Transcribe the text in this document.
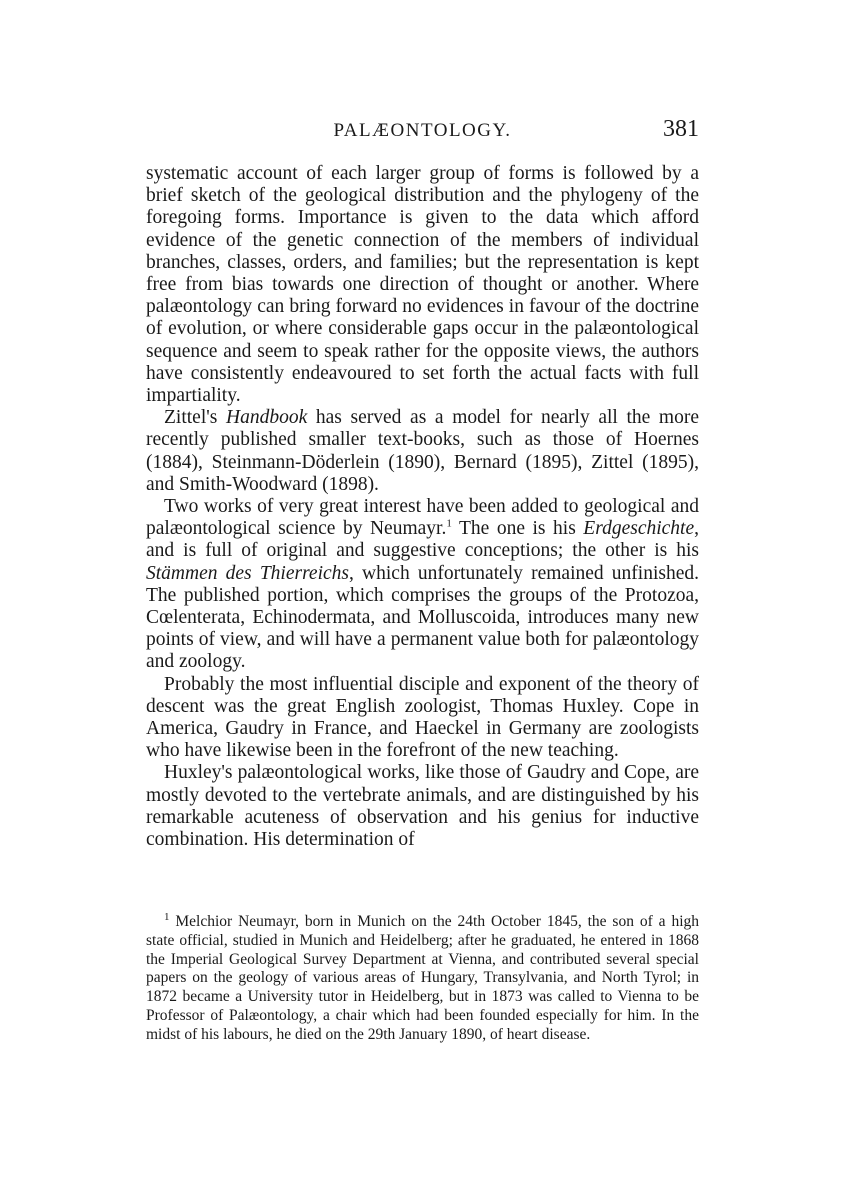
PALÆONTOLOGY.	381

systematic account of each larger group of forms is followed by a brief sketch of the geological distribution and the phylogeny of the foregoing forms. Importance is given to the data which afford evidence of the genetic connection of the members of individual branches, classes, orders, and families; but the representation is kept free from bias towards one direction of thought or another. Where palæontology can bring forward no evidences in favour of the doctrine of evolution, or where considerable gaps occur in the palæontological sequence and seem to speak rather for the opposite views, the authors have consistently endeavoured to set forth the actual facts with full impartiality.

Zittel's Handbook has served as a model for nearly all the more recently published smaller text-books, such as those of Hoernes (1884), Steinmann-Döderlein (1890), Bernard (1895), Zittel (1895), and Smith-Woodward (1898).

Two works of very great interest have been added to geological and palæontological science by Neumayr.$^1$ The one is his Erdgeschichte, and is full of original and suggestive conceptions; the other is his Stämmen des Thierreichs, which unfortunately remained unfinished. The published portion, which comprises the groups of the Protozoa, Cœlenterata, Echinodermata, and Molluscoida, introduces many new points of view, and will have a permanent value both for palæontology and zoology.

Probably the most influential disciple and exponent of the theory of descent was the great English zoologist, Thomas Huxley. Cope in America, Gaudry in France, and Haeckel in Germany are zoologists who have likewise been in the forefront of the new teaching.

Huxley's palæontological works, like those of Gaudry and Cope, are mostly devoted to the vertebrate animals, and are distinguished by his remarkable acuteness of observation and his genius for inductive combination. His determination of

$^1$ Melchior Neumayr, born in Munich on the 24th October 1845, the son of a high state official, studied in Munich and Heidelberg; after he graduated, he entered in 1868 the Imperial Geological Survey Department at Vienna, and contributed several special papers on the geology of various areas of Hungary, Transylvania, and North Tyrol; in 1872 became a University tutor in Heidelberg, but in 1873 was called to Vienna to be Professor of Palæontology, a chair which had been founded especially for him. In the midst of his labours, he died on the 29th January 1890, of heart disease.
